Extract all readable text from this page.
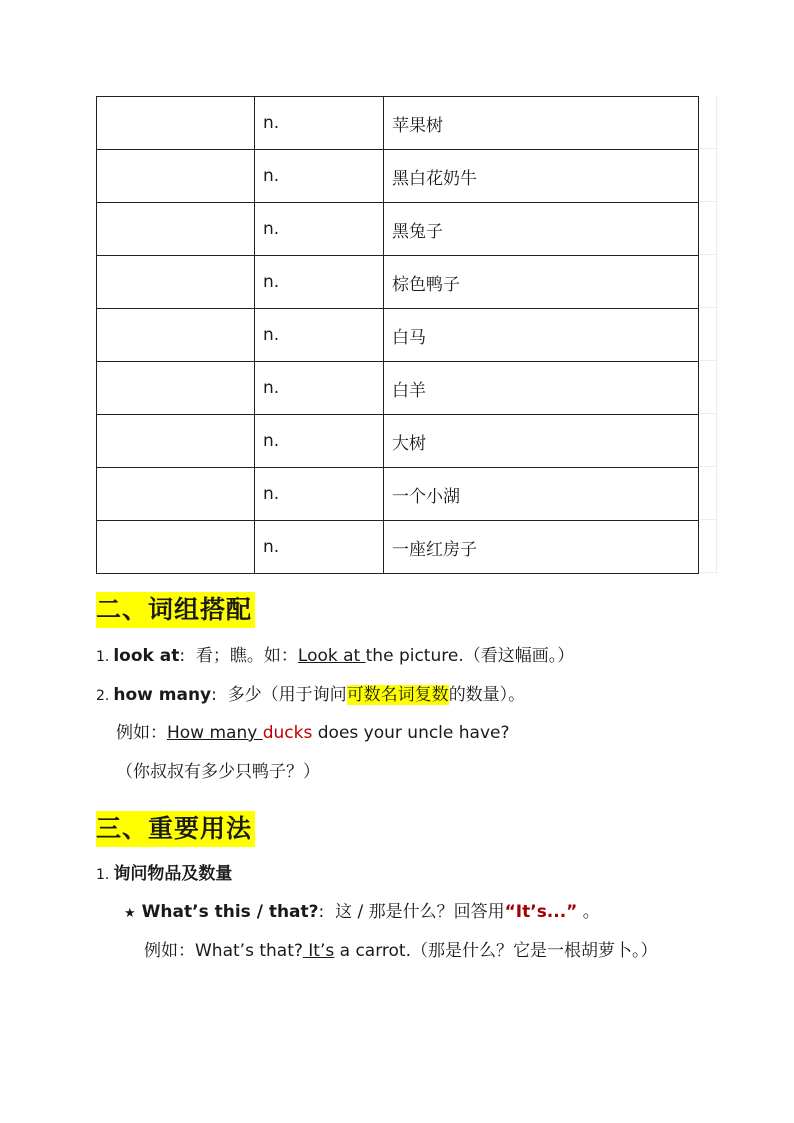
	n.	苹果树
	n.	黑白花奶牛
	n.	黑兔子
	n.	棕色鸭子
	n.	白马
	n.	白羊
	n.	大树
	n.	一个小湖
	n.	一座红房子
二、词组搭配
1. look at: 看；瞧。如：Look at the picture.（看这幅画。）
2. how many: 多少（用于询问可数名词复数的数量）。
例如：How many ducks does your uncle have?
（你叔叔有多少只鸭子？）
三、重要用法
1. 询问物品及数量
★ What’s this / that?: 这 / 那是什么？回答用“It’s...” 。
例如：What’s that? It’s a carrot.（那是什么？它是一根胡萝卜。）
